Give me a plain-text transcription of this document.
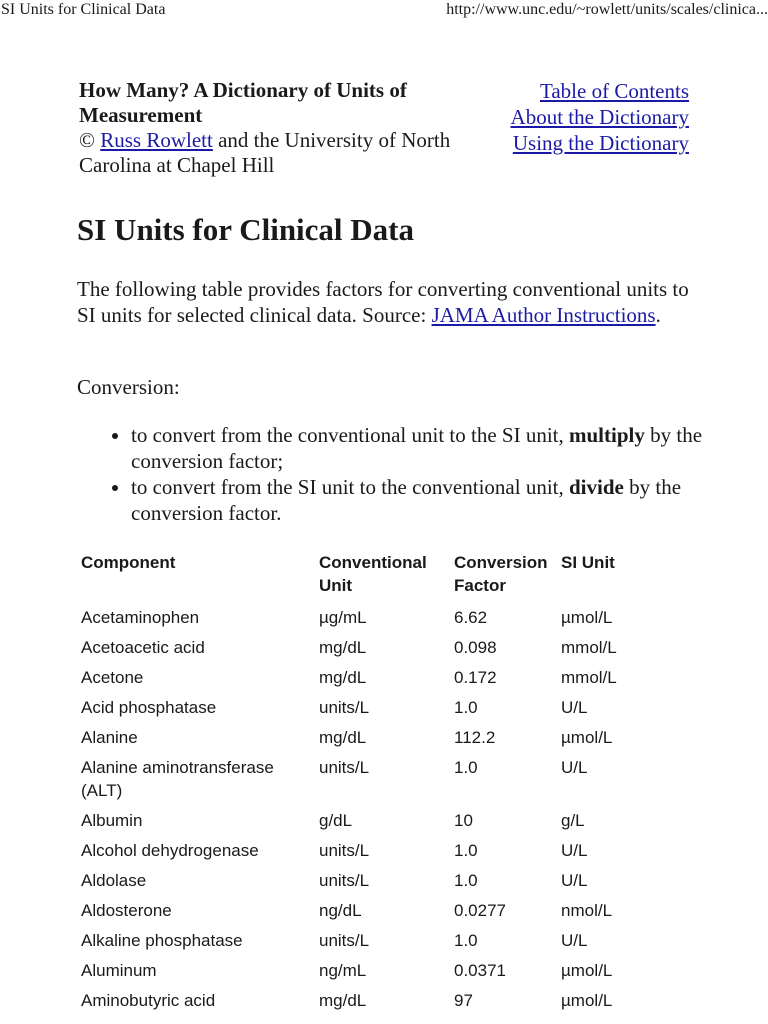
SI Units for Clinical Data	http://www.unc.edu/~rowlett/units/scales/clinica...
How Many? A Dictionary of Units of Measurement
© Russ Rowlett and the University of North Carolina at Chapel Hill
Table of Contents
About the Dictionary
Using the Dictionary
SI Units for Clinical Data

The following table provides factors for converting conventional units to SI units for selected clinical data. Source: JAMA Author Instructions.

Conversion:

• to convert from the conventional unit to the SI unit, multiply by the conversion factor;
• to convert from the SI unit to the conventional unit, divide by the conversion factor.
Component	Conventional Unit	Conversion Factor	SI Unit
Acetaminophen	µg/mL	6.62	µmol/L
Acetoacetic acid	mg/dL	0.098	mmol/L
Acetone	mg/dL	0.172	mmol/L
Acid phosphatase	units/L	1.0	U/L
Alanine	mg/dL	112.2	µmol/L
Alanine aminotransferase (ALT)	units/L	1.0	U/L
Albumin	g/dL	10	g/L
Alcohol dehydrogenase	units/L	1.0	U/L
Aldolase	units/L	1.0	U/L
Aldosterone	ng/dL	0.0277	nmol/L
Alkaline phosphatase	units/L	1.0	U/L
Aluminum	ng/mL	0.0371	µmol/L
Aminobutyric acid	mg/dL	97	µmol/L
